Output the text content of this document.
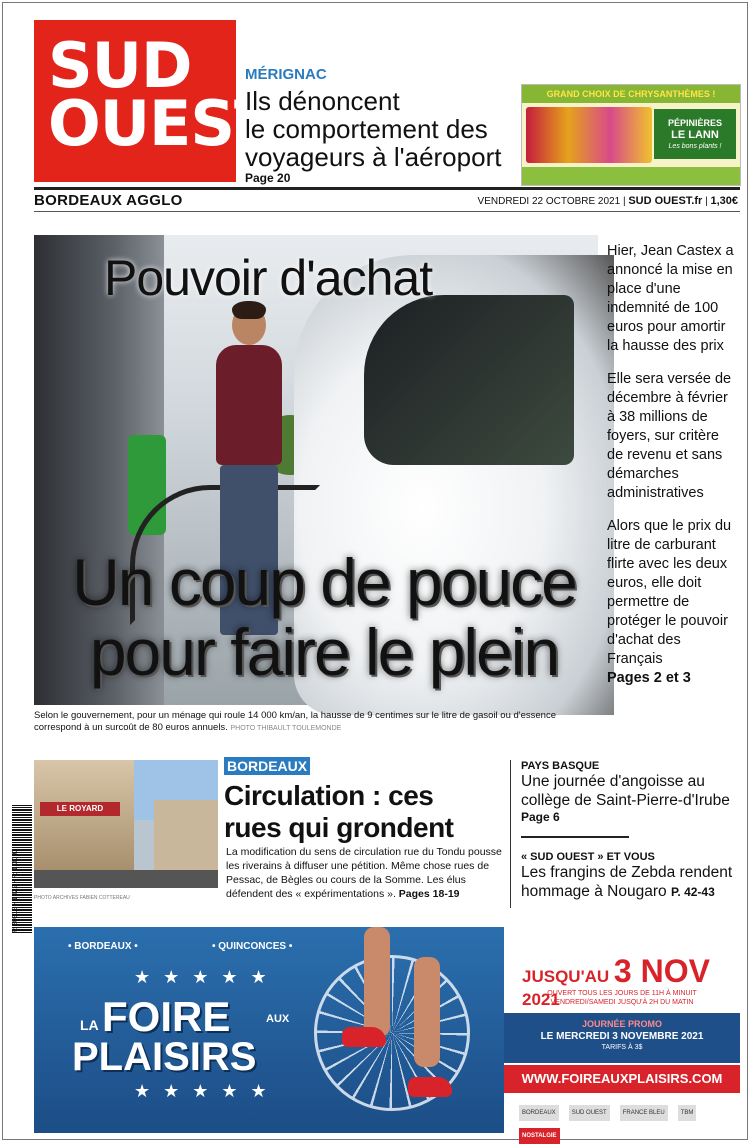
SUD
OUEST
MÉRIGNAC
Ils dénoncent
le comportement des
voyageurs à l'aéroport
Page 20
GRAND CHOIX DE CHRYSANTHÈMES !
PÉPINIÈRES
LE LANN
Les bons plants !
BORDEAUX AGGLO	VENDREDI 22 OCTOBRE 2021 | SUD OUEST.fr | 1,30€
Pouvoir d'achat
Un coup de pouce
pour faire le plein

Hier, Jean Castex a annoncé la mise en place d'une indemnité de 100 euros pour amortir la hausse des prix

Elle sera versée de décembre à février à 38 millions de foyers, sur critère de revenu et sans démarches administratives

Alors que le prix du litre de carburant flirte avec les deux euros, elle doit permettre de protéger le pouvoir d'achat des Français
Pages 2 et 3

Selon le gouvernement, pour un ménage qui roule 14 000 km/an, la hausse de 9 centimes sur le litre de gasoil ou d'essence correspond à un surcoût de 80 euros annuels. PHOTO THIBAULT TOULEMONDE
R 20319 - 1022 - F: 1,30 €
LE ROYARD
PHOTO ARCHIVES FABIEN COTTEREAU
BORDEAUX
Circulation : ces
rues qui grondent
La modification du sens de circulation rue du Tondu pousse les riverains à diffuser une pétition. Même chose rues de Pessac, de Bègles ou cours de la Somme. Les élus défendent des « expérimentations ». Pages 18-19
PAYS BASQUE
Une journée d'angoisse au collège de Saint-Pierre-d'Irube
Page 6
« SUD OUEST » ET VOUS
Les frangins de Zebda rendent hommage à Nougaro P. 42-43
• BORDEAUX •	• QUINCONCES •
★ ★ ★ ★ ★
LA FOIRE	AUX
PLAISIRS
★ ★ ★ ★ ★
JUSQU'AU 3 NOV 2021
OUVERT TOUS LES JOURS DE 11H À MINUIT
VENDREDI/SAMEDI JUSQU'À 2H DU MATIN
JOURNÉE PROMO
LE MERCREDI 3 NOVEMBRE 2021
TARIFS À 3$
WWW.FOIREAUXPLAISIRS.COM
BORDEAUX	SUD OUEST	FRANCE BLEU	TBMNOSTALGIE
